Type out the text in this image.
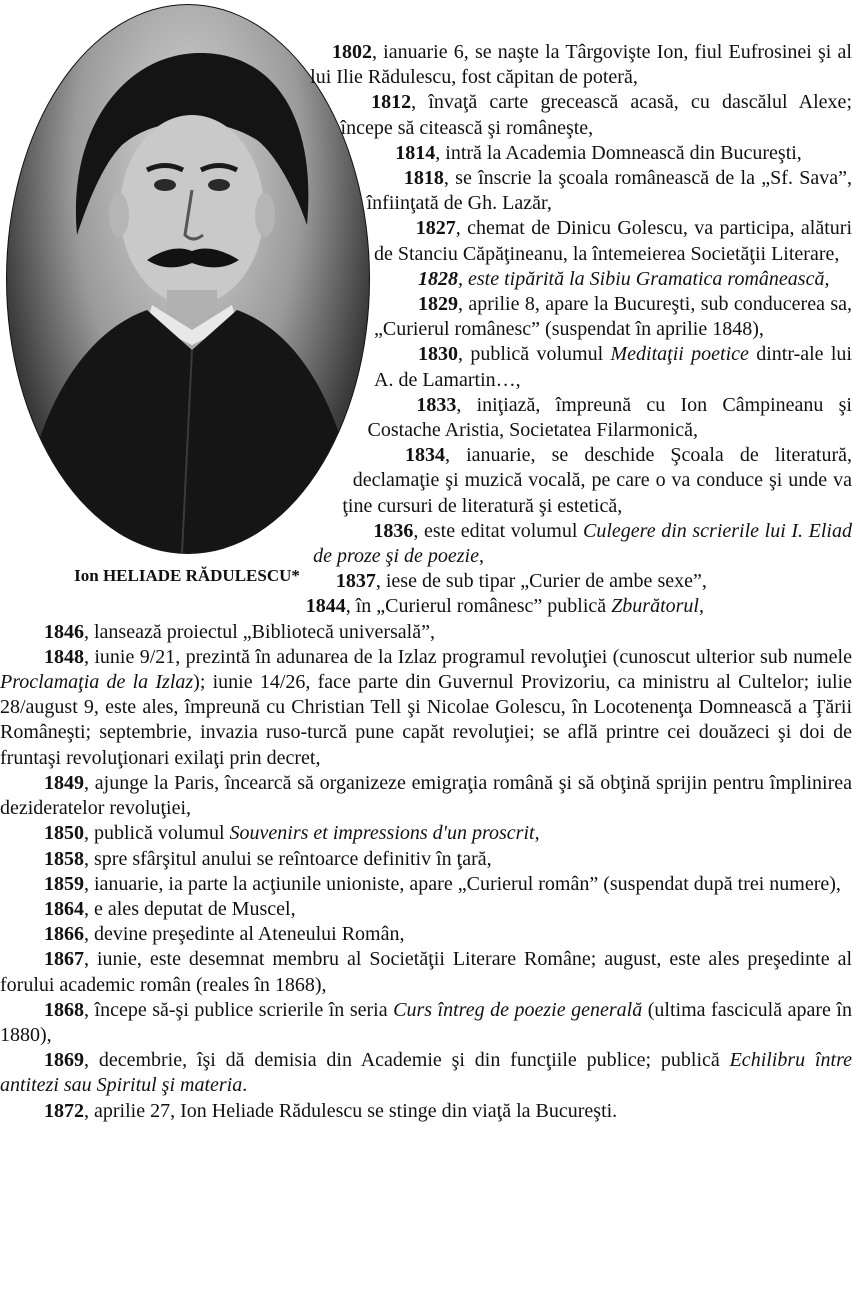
Ion HELIADE RĂDULESCU*

1802, ianuarie 6, se naşte la Târgovişte Ion, fiul Eufrosinei şi al lui Ilie Rădulescu, fost căpitan de poteră,

1812, învaţă carte grecească acasă, cu dascălul Alexe; începe să citească şi româneşte,

1814, intră la Academia Domnească din Bucureşti,

1818, se înscrie la şcoala românească de la „Sf. Sava”, înfiinţată de Gh. Lazăr,

1827, chemat de Dinicu Golescu, va participa, alături de Stanciu Căpăţineanu, la întemeierea Societăţii Literare,

1828, este tipărită la Sibiu Gramatica românească,

1829, aprilie 8, apare la Bucureşti, sub conducerea sa, „Curierul românesc” (suspendat în aprilie 1848),

1830, publică volumul Meditaţii poetice dintr-ale lui A. de Lamartin…,

1833, iniţiază, împreună cu Ion Câmpineanu şi Costache Aristia, Societatea Filarmonică,

1834, ianuarie, se deschide Şcoala de literatură, declamaţie şi muzică vocală, pe care o va conduce şi unde va ţine cursuri de literatură şi estetică,

1836, este editat volumul Culegere din scrierile lui I. Eliad de proze şi de poezie,

1837, iese de sub tipar „Curier de ambe sexe”,

1844, în „Curierul românesc” publică Zburătorul,

1846, lansează proiectul „Bibliotecă universală”,

1848, iunie 9/21, prezintă în adunarea de la Izlaz programul revoluţiei (cunoscut ulterior sub numele Proclamaţia de la Izlaz); iunie 14/26, face parte din Guvernul Provizoriu, ca ministru al Cultelor; iulie 28/august 9, este ales, împreună cu Christian Tell şi Nicolae Golescu, în Locotenenţa Domnească a Ţării Româneşti; septembrie, invazia ruso-turcă pune capăt revoluţiei; se află printre cei douăzeci şi doi de fruntaşi revoluţionari exilaţi prin decret,

1849, ajunge la Paris, încearcă să organizeze emigraţia română şi să obţină sprijin pentru împlinirea dezideratelor revoluţiei,

1850, publică volumul Souvenirs et impressions d'un proscrit,

1858, spre sfârşitul anului se reîntoarce definitiv în ţară,

1859, ianuarie, ia parte la acţiunile unioniste, apare „Curierul român” (suspendat după trei numere),

1864, e ales deputat de Muscel,

1866, devine preşedinte al Ateneului Român,

1867, iunie, este desemnat membru al Societăţii Literare Române; august, este ales preşedinte al forului academic român (reales în 1868),

1868, începe să-şi publice scrierile în seria Curs întreg de poezie generală (ultima fasciculă apare în 1880),

1869, decembrie, îşi dă demisia din Academie şi din funcţiile publice; publică Echilibru între antitezi sau Spiritul şi materia.

1872, aprilie 27, Ion Heliade Rădulescu se stinge din viaţă la Bucureşti.
